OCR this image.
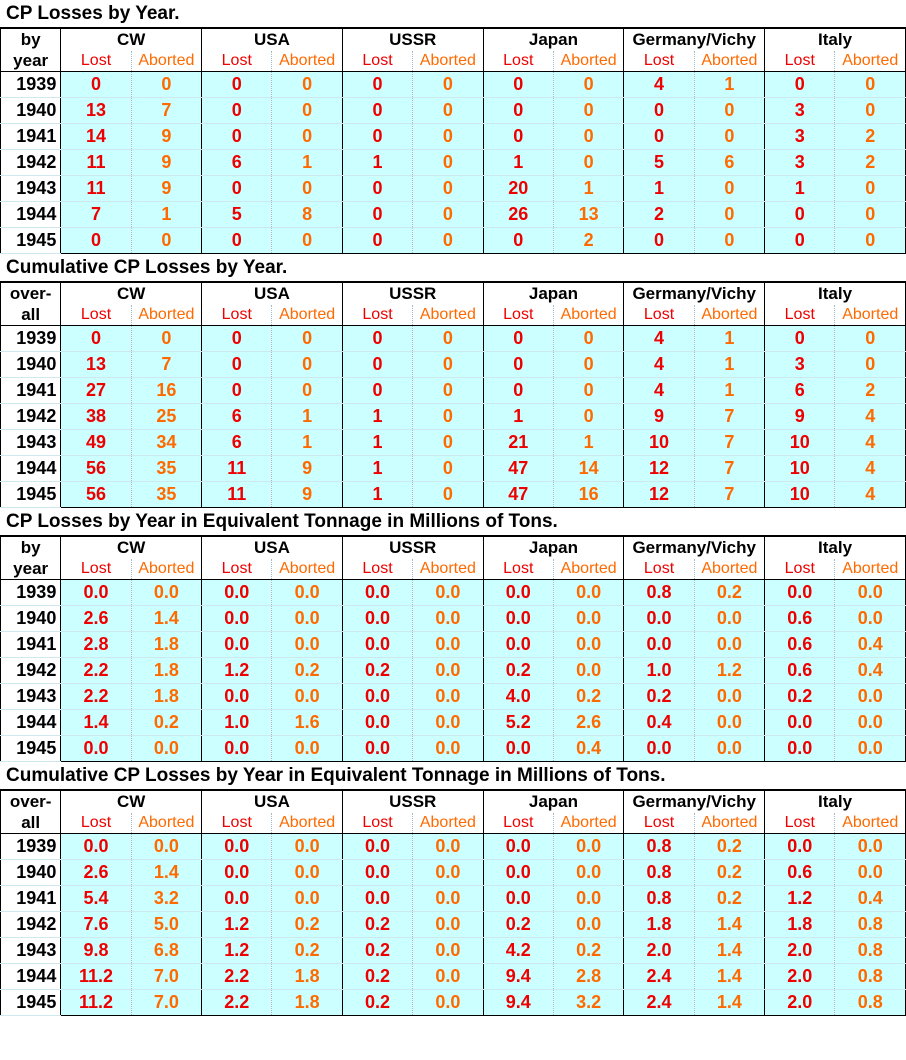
CP Losses by Year.
by	CW		USA		USSR		Japan		Germany/Vichy		Italy	
year	Lost	Aborted	Lost	Aborted	Lost	Aborted	Lost	Aborted	Lost	Aborted	Lost	Aborted
1939	0	0	0	0	0	0	0	0	4	1	0	0
1940	13	7	0	0	0	0	0	0	0	0	3	0
1941	14	9	0	0	0	0	0	0	0	0	3	2
1942	11	9	6	1	1	0	1	0	5	6	3	2
1943	11	9	0	0	0	0	20	1	1	0	1	0
1944	7	1	5	8	0	0	26	13	2	0	0	0
1945	0	0	0	0	0	0	0	2	0	0	0	0
Cumulative CP Losses by Year.
over-	CW		USA		USSR		Japan		Germany/Vichy		Italy	
all	Lost	Aborted	Lost	Aborted	Lost	Aborted	Lost	Aborted	Lost	Aborted	Lost	Aborted
1939	0	0	0	0	0	0	0	0	4	1	0	0
1940	13	7	0	0	0	0	0	0	4	1	3	0
1941	27	16	0	0	0	0	0	0	4	1	6	2
1942	38	25	6	1	1	0	1	0	9	7	9	4
1943	49	34	6	1	1	0	21	1	10	7	10	4
1944	56	35	11	9	1	0	47	14	12	7	10	4
1945	56	35	11	9	1	0	47	16	12	7	10	4
CP Losses by Year in Equivalent Tonnage in Millions of Tons.
by	CW		USA		USSR		Japan		Germany/Vichy		Italy	
year	Lost	Aborted	Lost	Aborted	Lost	Aborted	Lost	Aborted	Lost	Aborted	Lost	Aborted
1939	0.0	0.0	0.0	0.0	0.0	0.0	0.0	0.0	0.8	0.2	0.0	0.0
1940	2.6	1.4	0.0	0.0	0.0	0.0	0.0	0.0	0.0	0.0	0.6	0.0
1941	2.8	1.8	0.0	0.0	0.0	0.0	0.0	0.0	0.0	0.0	0.6	0.4
1942	2.2	1.8	1.2	0.2	0.2	0.0	0.2	0.0	1.0	1.2	0.6	0.4
1943	2.2	1.8	0.0	0.0	0.0	0.0	4.0	0.2	0.2	0.0	0.2	0.0
1944	1.4	0.2	1.0	1.6	0.0	0.0	5.2	2.6	0.4	0.0	0.0	0.0
1945	0.0	0.0	0.0	0.0	0.0	0.0	0.0	0.4	0.0	0.0	0.0	0.0
Cumulative CP Losses by Year in Equivalent Tonnage in Millions of Tons.
over-	CW		USA		USSR		Japan		Germany/Vichy		Italy	
all	Lost	Aborted	Lost	Aborted	Lost	Aborted	Lost	Aborted	Lost	Aborted	Lost	Aborted
1939	0.0	0.0	0.0	0.0	0.0	0.0	0.0	0.0	0.8	0.2	0.0	0.0
1940	2.6	1.4	0.0	0.0	0.0	0.0	0.0	0.0	0.8	0.2	0.6	0.0
1941	5.4	3.2	0.0	0.0	0.0	0.0	0.0	0.0	0.8	0.2	1.2	0.4
1942	7.6	5.0	1.2	0.2	0.2	0.0	0.2	0.0	1.8	1.4	1.8	0.8
1943	9.8	6.8	1.2	0.2	0.2	0.0	4.2	0.2	2.0	1.4	2.0	0.8
1944	11.2	7.0	2.2	1.8	0.2	0.0	9.4	2.8	2.4	1.4	2.0	0.8
1945	11.2	7.0	2.2	1.8	0.2	0.0	9.4	3.2	2.4	1.4	2.0	0.8
